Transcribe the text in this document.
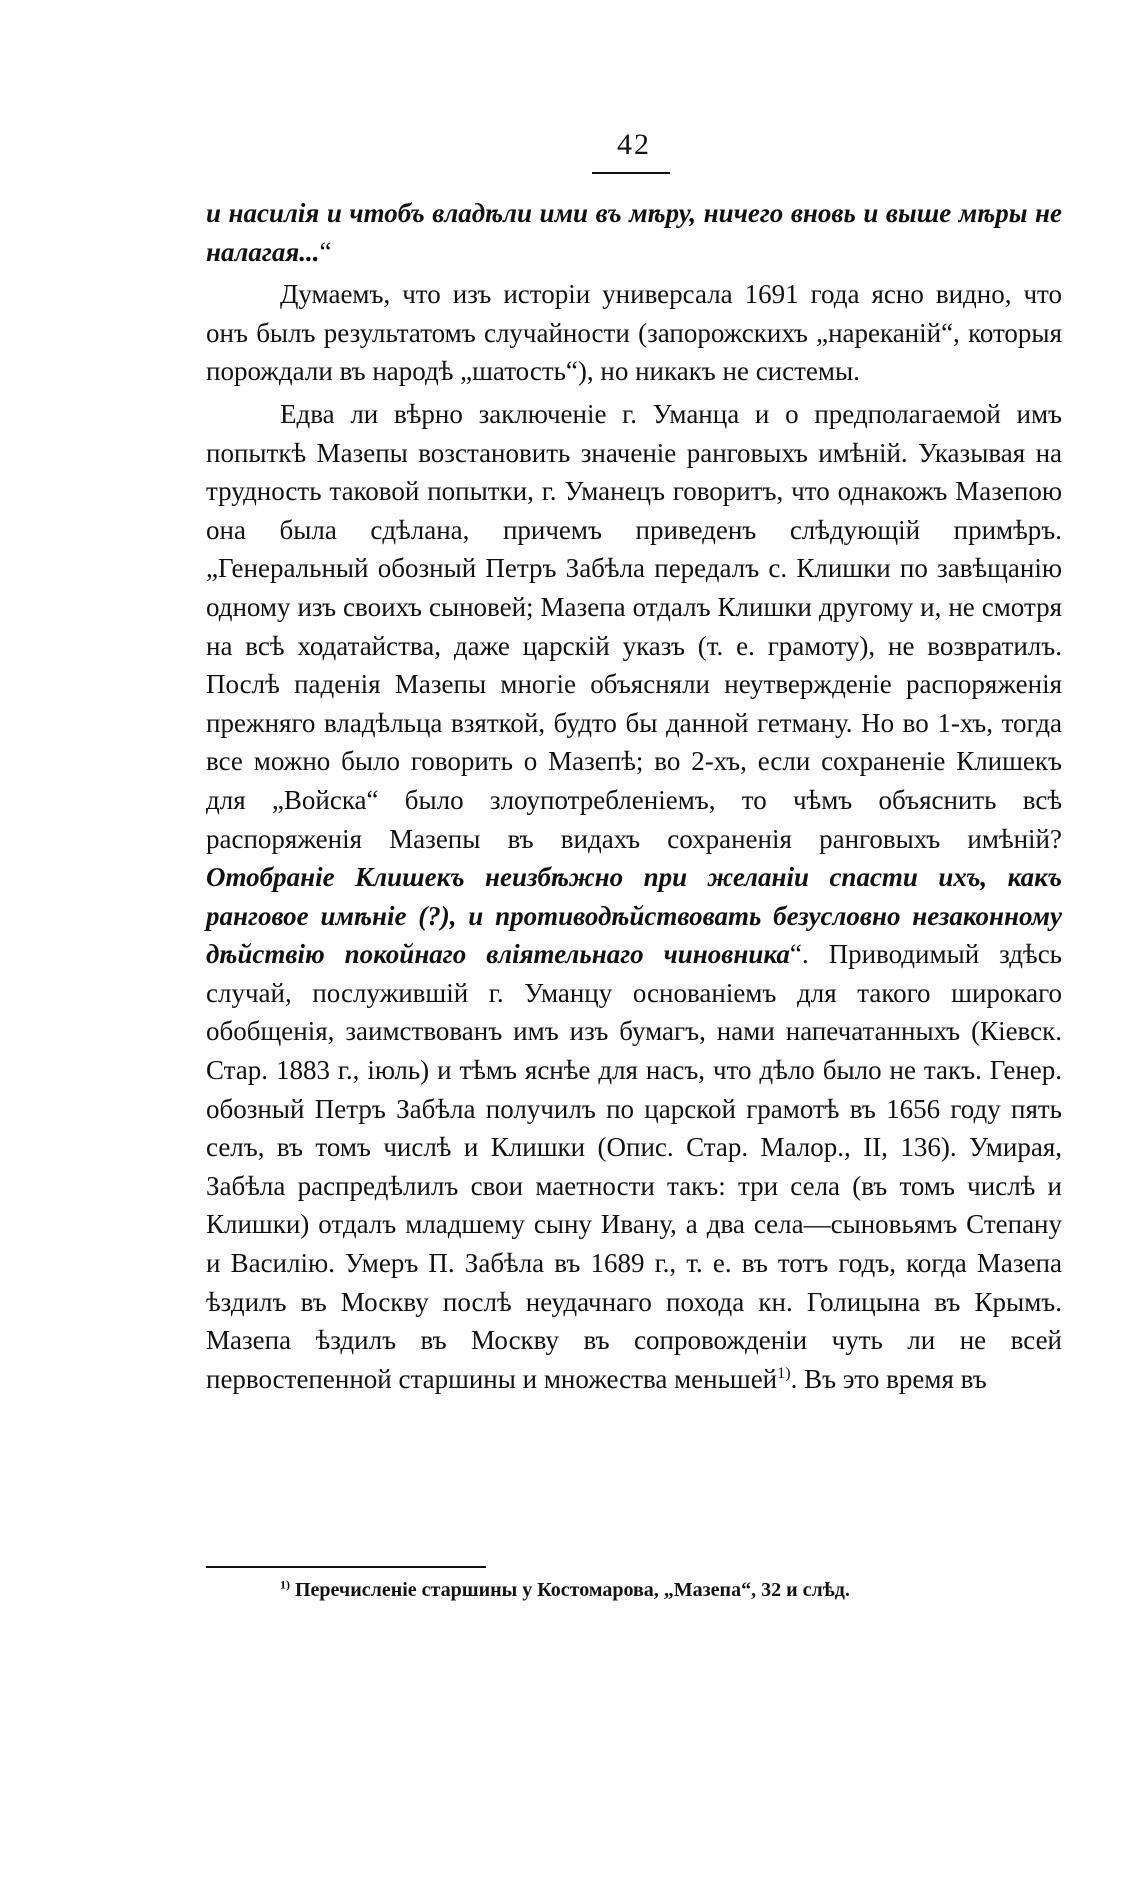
42

и насилія и чтобъ владѣли ими въ мѣру, ничего вновь и выше мѣры не налагая...“

Думаемъ, что изъ исторіи универсала 1691 года ясно видно, что онъ былъ результатомъ случайности (запорожскихъ „нареканій“, которыя порождали въ народѣ „шатость“), но никакъ не системы.

Едва ли вѣрно заключеніе г. Уманца и о предполагаемой имъ попыткѣ Мазепы возстановить значеніе ранговыхъ имѣній. Указывая на трудность таковой попытки, г. Уманецъ говоритъ, что однакожъ Мазепою она была сдѣлана, причемъ приведенъ слѣдующій примѣръ. „Генеральный обозный Петръ Забѣла передалъ с. Клишки по завѣщанію одному изъ своихъ сыновей; Мазепа отдалъ Клишки другому и, не смотря на всѣ ходатайства, даже царскій указъ (т. е. грамоту), не возвратилъ. Послѣ паденія Мазепы многіе объясняли неутвержденіе распоряженія прежняго владѣльца взяткой, будто бы данной гетману. Но во 1-хъ, тогда все можно было говорить о Мазепѣ; во 2-хъ, если сохраненіе Клишекъ для „Войска“ было злоупотребленіемъ, то чѣмъ объяснить всѣ распоряженія Мазепы въ видахъ сохраненія ранговыхъ имѣній? Отобраніе Клишекъ неизбѣжно при желаніи спасти ихъ, какъ ранговое имѣніе (?), и противодѣйствовать безусловно незаконному дѣйствію покойнаго вліятельнаго чиновника“. Приводимый здѣсь случай, послужившій г. Уманцу основаніемъ для такого широкаго обобщенія, заимствованъ имъ изъ бумагъ, нами напечатанныхъ (Кіевск. Стар. 1883 г., іюль) и тѣмъ яснѣе для насъ, что дѣло было не такъ. Генер. обозный Петръ Забѣла получилъ по царской грамотѣ въ 1656 году пять селъ, въ томъ числѣ и Клишки (Опис. Стар. Малор., II, 136). Умирая, Забѣла распредѣлилъ свои маетности такъ: три села (въ томъ числѣ и Клишки) отдалъ младшему сыну Ивану, а два села—сыновьямъ Степану и Василію. Умеръ П. Забѣла въ 1689 г., т. е. въ тотъ годъ, когда Мазепа ѣздилъ въ Москву послѣ неудачнаго похода кн. Голицына въ Крымъ. Мазепа ѣздилъ въ Москву въ сопровожденіи чуть ли не всей первостепенной старшины и множества меньшей$^{1)}$. Въ это время въ

$^{1)}$ Перечисленіе старшины у Костомарова, „Мазепа“, 32 и слѣд.
